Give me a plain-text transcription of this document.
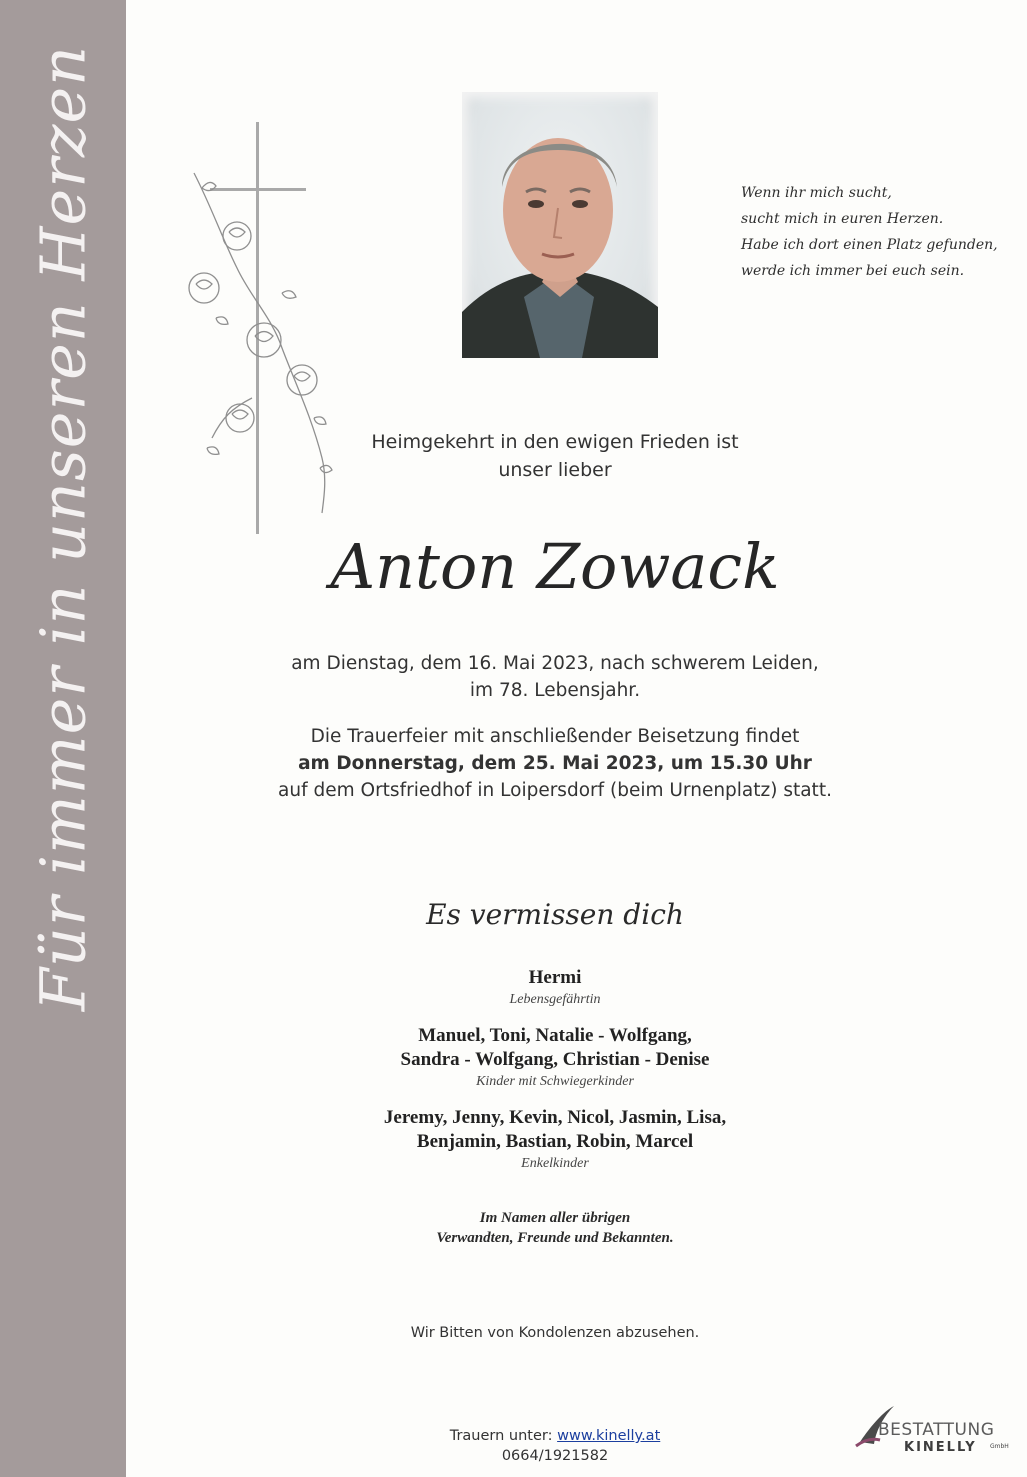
Für immer in unseren Herzen	Wenn ihr mich sucht,
sucht mich in euren Herzen.
Habe ich dort einen Platz gefunden,
werde ich immer bei euch sein.
Heimgekehrt in den ewigen Frieden ist
unser lieber
Anton Zowack
am Dienstag, dem 16. Mai 2023, nach schwerem Leiden,
im 78. Lebensjahr.
Die Trauerfeier mit anschließender Beisetzung findet
am Donnerstag, dem 25. Mai 2023, um 15.30 Uhr
auf dem Ortsfriedhof in Loipersdorf (beim Urnenplatz) statt.
Es vermissen dich
Hermi
Lebensgefährtin
Manuel, Toni, Natalie - Wolfgang,
Sandra - Wolfgang, Christian - Denise
Kinder mit Schwiegerkinder
Jeremy, Jenny, Kevin, Nicol, Jasmin, Lisa,
Benjamin, Bastian, Robin, Marcel
Enkelkinder
Im Namen aller übrigen
Verwandten, Freunde und Bekannten.
Wir Bitten von Kondolenzen abzusehen.
Trauern unter: www.kinelly.at
0664/1921582
BESTATTUNG
KINELLY GmbH
